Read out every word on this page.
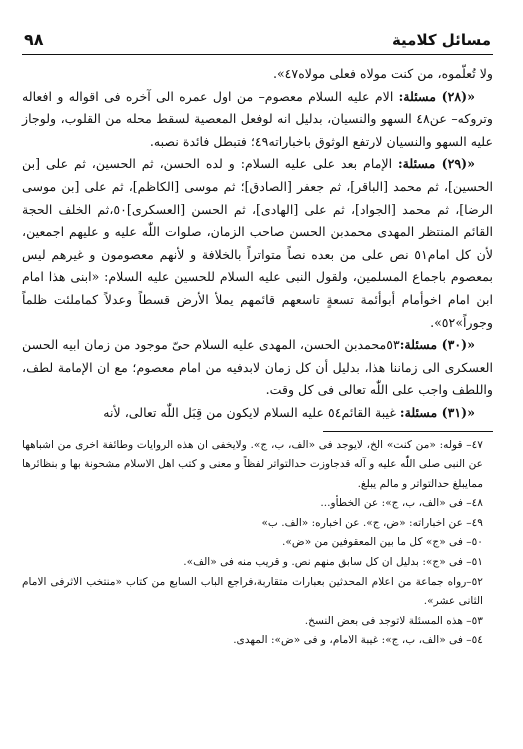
مسائل کلامیة
٩٨

ولا تُعلّموه، من کنت مولاه فعلی مولاه٤٧».

«(٢٨) مسئلة: الام علیه السلام معصوم– من اول عمره الی آخره فی اقواله و افعاله وتروکه– عن٤٨ السهو والنسیان، بدلیل انه لوفعل المعصیة لسقط محله من القلوب، ولوجاز علیه السهو والنسیان لارتفع الوثوق باخباراته٤٩؛ فتبطل فائدة نصبه.

«(٢٩) مسئلة: الإمام بعد علی علیه السلام: و لده الحسن، ثم الحسین، ثم علی [بن الحسین]، ثم محمد [الباقر]، ثم جعفر [الصادق]؛ ثم موسی [الکاظم]، ثم علی [بن موسی الرضا]، ثم محمد [الجواد]، ثم علی [الهادی]، ثم الحسن [العسکری]٥٠،ثم الخلف الحجة القائم المنتظر المهدی محمدبن الحسن صاحب الزمان، صلوات اللّٰه علیه و علیهم اجمعین، لأن کل امام٥١ نص علی من بعده نصاً متواتراً بالخلافة و لأنهم معصومون و غیرهم لیس بمعصوم باجماع المسلمین، ولقول النبی علیه السلام للحسین علیه السلام: «ابنی هذا امام ابن امام اخوأمام أبوأئمة تسعةٍ تاسعهم قائمهم یملأ الأرض قسطاً وعدلاً کماملئت ظلماً وجوراً»٥٢».

«(٣٠) مسئلة:٥٣محمدبن الحسن، المهدی علیه السلام حیّ موجود من زمان ابیه الحسن العسکری الی زماننا هذا، بدلیل أن کل زمان لابدفیه من امام معصوم؛ مع ان الإمامة لطف، واللطف واجب علی اللّٰه تعالی فی کل وقت.

«(٣١) مسئلة: غیبة القائم٥٤ علیه السلام لایکون من قِبَل اللّٰه تعالی، لأنه

٤٧– قوله: «من کنت» الخ، لایوجد فی «الف، ب، ج». ولایخفی ان هذه الروایات وطائفة اخری من اشباهها عن النبی صلی اللّٰه علیه و آله قدجاوزت حدالتواتر لفظاً و معنی و کتب اهل الاسلام مشحونة بها و بنظائرها ممایبلغ حدالتواتر و مالم یبلغ.

٤٨– فی «الف، ب، ج»: عن الخطأو...

٤٩– عن اخباراته: «ض، ج». عن اخباره: «الف. ب»

٥٠– فی «ج» کل ما بین المعقوفین من «ض».

٥١– فی «ج»: بدلیل ان کل سابق منهم نص. و قریب منه فی «الف».

٥٢–رواه جماعة من اعلام المحدثین بعبارات متقاربة،فراجع الباب السابع من کتاب «منتخب الاثرفی الامام الثانی عشر».

٥٣– هذه المسئلة لاتوجد فی بعض النسخ.

٥٤– فی «الف، ب، ج»: غیبة الامام، و فی «ض»: المهدی.
